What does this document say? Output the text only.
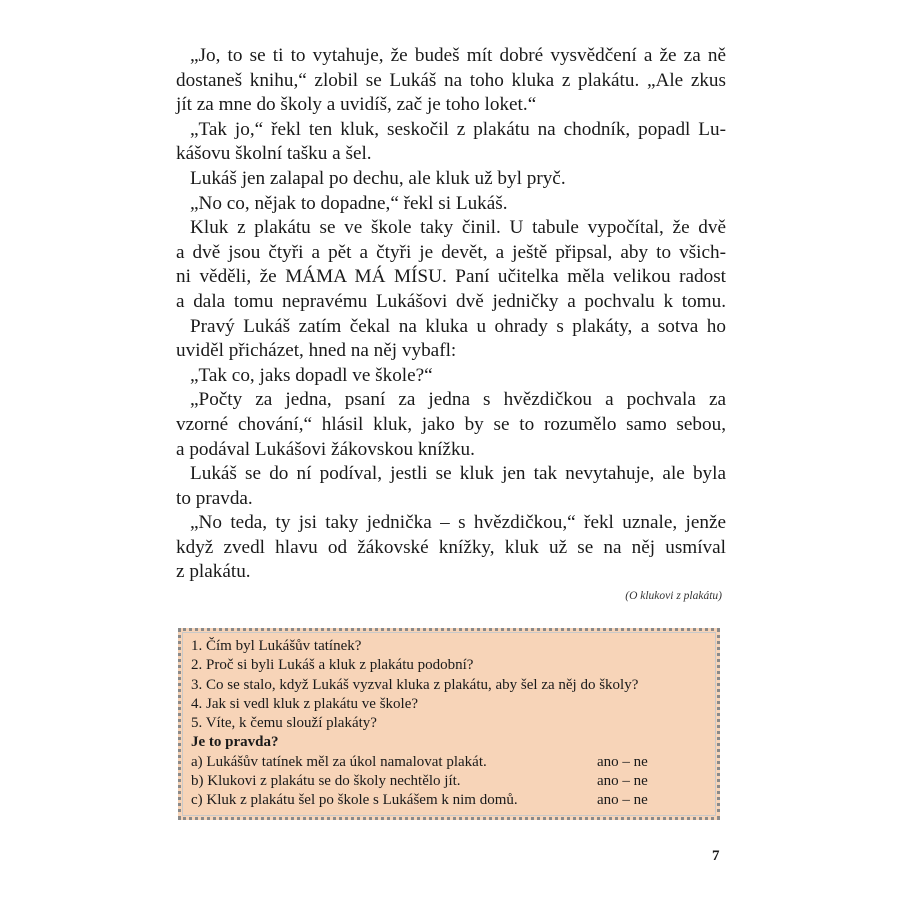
„Jo, to se ti to vytahuje, že budeš mít dobré vysvědčení a že za ně
dostaneš knihu,“ zlobil se Lukáš na toho kluka z plakátu. „Ale zkus
jít za mne do školy a uvidíš, zač je toho loket.“
„Tak jo,“ řekl ten kluk, seskočil z plakátu na chodník, popadl Lu-
kášovu školní tašku a šel.
Lukáš jen zalapal po dechu, ale kluk už byl pryč.
„No co, nějak to dopadne,“ řekl si Lukáš.
Kluk z plakátu se ve škole taky činil. U tabule vypočítal, že dvě
a dvě jsou čtyři a pět a čtyři je devět, a ještě připsal, aby to všich-
ni věděli, že MÁMA MÁ MÍSU. Paní učitelka měla velikou radost
a dala tomu nepravému Lukášovi dvě jedničky a pochvalu k tomu.
Pravý Lukáš zatím čekal na kluka u ohrady s plakáty, a sotva ho
uviděl přicházet, hned na něj vybafl:
„Tak co, jaks dopadl ve škole?“
„Počty za jedna, psaní za jedna s hvězdičkou a pochvala za
vzorné chování,“ hlásil kluk, jako by se to rozumělo samo sebou,
a podával Lukášovi žákovskou knížku.
Lukáš se do ní podíval, jestli se kluk jen tak nevytahuje, ale byla
to pravda.
„No teda, ty jsi taky jednička – s hvězdičkou,“ řekl uznale, jenže
když zvedl hlavu od žákovské knížky, kluk už se na něj usmíval
z plakátu.
(O klukovi z plakátu)
1. Čím byl Lukášův tatínek?
2. Proč si byli Lukáš a kluk z plakátu podobní?
3. Co se stalo, když Lukáš vyzval kluka z plakátu, aby šel za něj do školy?
4. Jak si vedl kluk z plakátu ve škole?
5. Víte, k čemu slouží plakáty?
Je to pravda?
a) Lukášův tatínek měl za úkol namalovat plakát.	ano – ne
b) Klukovi z plakátu se do školy nechtělo jít.	ano – ne
c) Kluk z plakátu šel po škole s Lukášem k nim domů.	ano – ne
7
